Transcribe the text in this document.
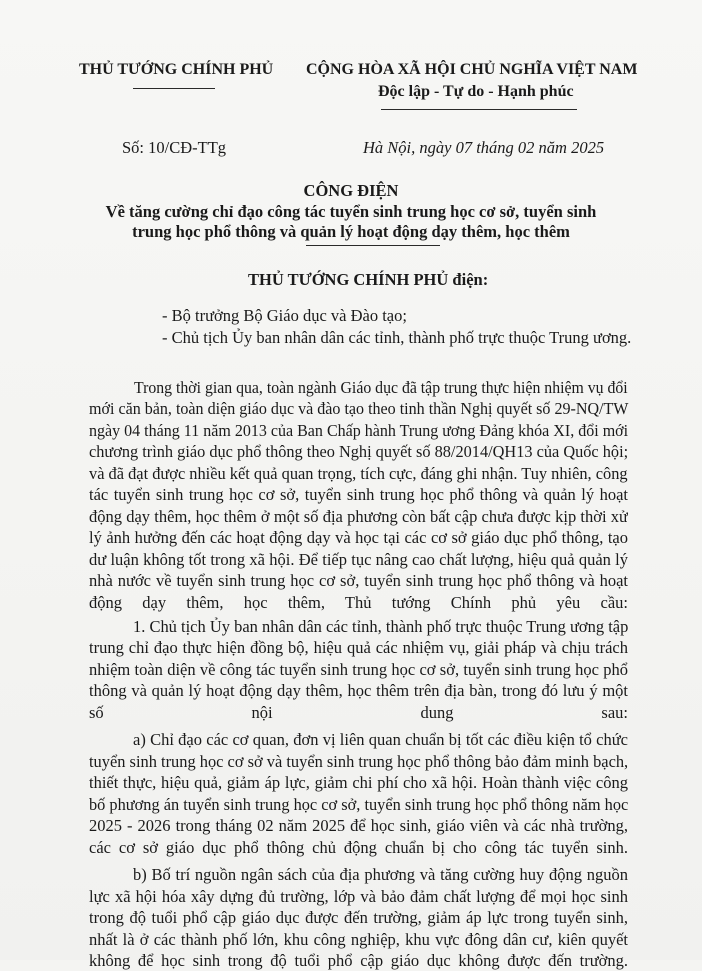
THỦ TƯỚNG CHÍNH PHỦ CỘNG HÒA XÃ HỘI CHỦ NGHĨA VIỆT NAM
Độc lập - Tự do - Hạnh phúc
Số: 10/CĐ-TTg	Hà Nội, ngày 07 tháng 02 năm 2025
CÔNG ĐIỆN
Về tăng cường chỉ đạo công tác tuyển sinh trung học cơ sở, tuyển sinh
trung học phổ thông và quản lý hoạt động dạy thêm, học thêm
THỦ TƯỚNG CHÍNH PHỦ điện:
- Bộ trưởng Bộ Giáo dục và Đào tạo;
- Chủ tịch Ủy ban nhân dân các tỉnh, thành phố trực thuộc Trung ương.
Trong thời gian qua, toàn ngành Giáo dục đã tập trung thực hiện nhiệm vụ đổi
mới căn bản, toàn diện giáo dục và đào tạo theo tinh thần Nghị quyết số 29-NQ/TW
ngày 04 tháng 11 năm 2013 của Ban Chấp hành Trung ương Đảng khóa XI, đổi mới
chương trình giáo dục phổ thông theo Nghị quyết số 88/2014/QH13 của Quốc hội;
và đã đạt được nhiều kết quả quan trọng, tích cực, đáng ghi nhận. Tuy nhiên, công
tác tuyển sinh trung học cơ sở, tuyển sinh trung học phổ thông và quản lý hoạt
động dạy thêm, học thêm ở một số địa phương còn bất cập chưa được kịp thời xử
lý ảnh hưởng đến các hoạt động dạy và học tại các cơ sở giáo dục phổ thông, tạo
dư luận không tốt trong xã hội. Để tiếp tục nâng cao chất lượng, hiệu quả quản lý
nhà nước về tuyển sinh trung học cơ sở, tuyển sinh trung học phổ thông và hoạt
động dạy thêm, học thêm, Thủ tướng Chính phủ yêu cầu:
1. Chủ tịch Ủy ban nhân dân các tỉnh, thành phố trực thuộc Trung ương tập
trung chỉ đạo thực hiện đồng bộ, hiệu quả các nhiệm vụ, giải pháp và chịu trách
nhiệm toàn diện về công tác tuyển sinh trung học cơ sở, tuyển sinh trung học phổ
thông và quản lý hoạt động dạy thêm, học thêm trên địa bàn, trong đó lưu ý một
số nội dung sau:
a) Chỉ đạo các cơ quan, đơn vị liên quan chuẩn bị tốt các điều kiện tổ chức
tuyển sinh trung học cơ sở và tuyển sinh trung học phổ thông bảo đảm minh bạch,
thiết thực, hiệu quả, giảm áp lực, giảm chi phí cho xã hội. Hoàn thành việc công
bố phương án tuyển sinh trung học cơ sở, tuyển sinh trung học phổ thông năm học
2025 - 2026 trong tháng 02 năm 2025 để học sinh, giáo viên và các nhà trường,
các cơ sở giáo dục phổ thông chủ động chuẩn bị cho công tác tuyển sinh.
b) Bố trí nguồn ngân sách của địa phương và tăng cường huy động nguồn
lực xã hội hóa xây dựng đủ trường, lớp và bảo đảm chất lượng để mọi học sinh
trong độ tuổi phổ cập giáo dục được đến trường, giảm áp lực trong tuyển sinh,
nhất là ở các thành phố lớn, khu công nghiệp, khu vực đông dân cư, kiên quyết
không để học sinh trong độ tuổi phổ cập giáo dục không được đến trường.
